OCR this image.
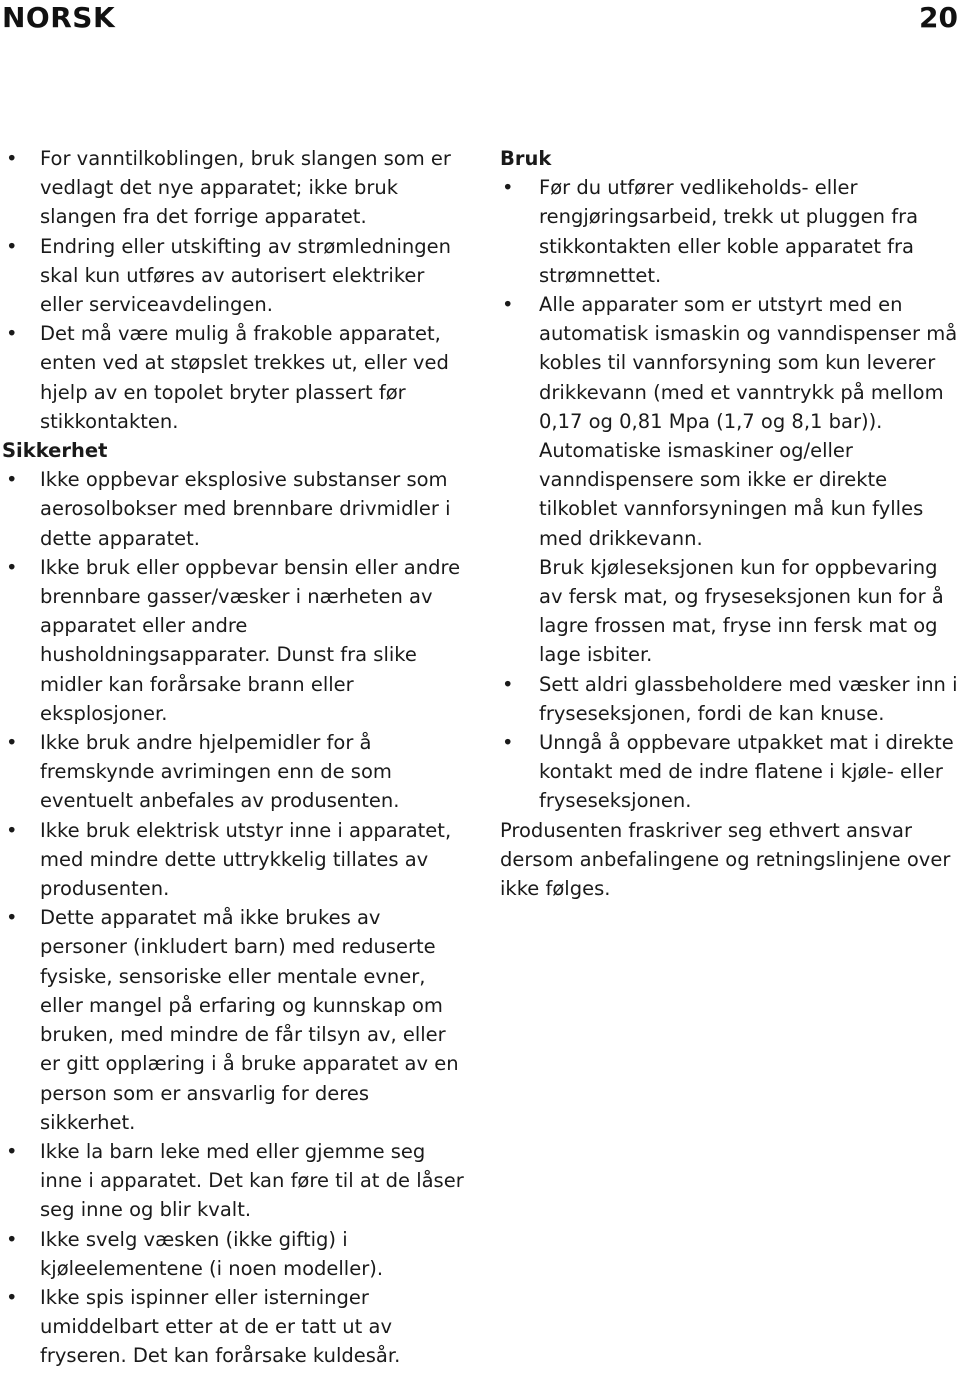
NORSK	20
• For vanntilkoblingen, bruk slangen som er vedlagt det nye apparatet; ikke bruk slangen fra det forrige apparatet.
• Endring eller utskifting av strømledningen skal kun utføres av autorisert elektriker eller serviceavdelingen.
• Det må være mulig å frakoble apparatet, enten ved at støpslet trekkes ut, eller ved hjelp av en topolet bryter plassert før stikkontakten.
Sikkerhet
• Ikke oppbevar eksplosive substanser som aerosolbokser med brennbare drivmidler i dette apparatet.
• Ikke bruk eller oppbevar bensin eller andre brennbare gasser/væsker i nærheten av apparatet eller andre husholdningsapparater. Dunst fra slike midler kan forårsake brann eller eksplosjoner.
• Ikke bruk andre hjelpemidler for å fremskynde avrimingen enn de som eventuelt anbefales av produsenten.
• Ikke bruk elektrisk utstyr inne i apparatet, med mindre dette uttrykkelig tillates av produsenten.
• Dette apparatet må ikke brukes av personer (inkludert barn) med reduserte fysiske, sensoriske eller mentale evner, eller mangel på erfaring og kunnskap om bruken, med mindre de får tilsyn av, eller er gitt opplæring i å bruke apparatet av en person som er ansvarlig for deres sikkerhet.
• Ikke la barn leke med eller gjemme seg inne i apparatet. Det kan føre til at de låser seg inne og blir kvalt.
• Ikke svelg væsken (ikke giftig) i kjøleelementene (i noen modeller).
• Ikke spis ispinner eller isterninger umiddelbart etter at de er tatt ut av fryseren. Det kan forårsake kuldesår.
Bruk
• Før du utfører vedlikeholds- eller rengjøringsarbeid, trekk ut pluggen fra stikkontakten eller koble apparatet fra strømnettet.
• Alle apparater som er utstyrt med en automatisk ismaskin og vanndispenser må kobles til vannforsyning som kun leverer drikkevann (med et vanntrykk på mellom 0,17 og 0,81 Mpa (1,7 og 8,1 bar)).
Automatiske ismaskiner og/eller vanndispensere som ikke er direkte tilkoblet vannforsyningen må kun fylles med drikkevann.
Bruk kjøleseksjonen kun for oppbevaring av fersk mat, og fryseseksjonen kun for å lagre frossen mat, fryse inn fersk mat og lage isbiter.
• Sett aldri glassbeholdere med væsker inn i fryseseksjonen, fordi de kan knuse.
• Unngå å oppbevare utpakket mat i direkte kontakt med de indre flatene i kjøle- eller fryseseksjonen.

Produsenten fraskriver seg ethvert ansvar dersom anbefalingene og retningslinjene over ikke følges.
